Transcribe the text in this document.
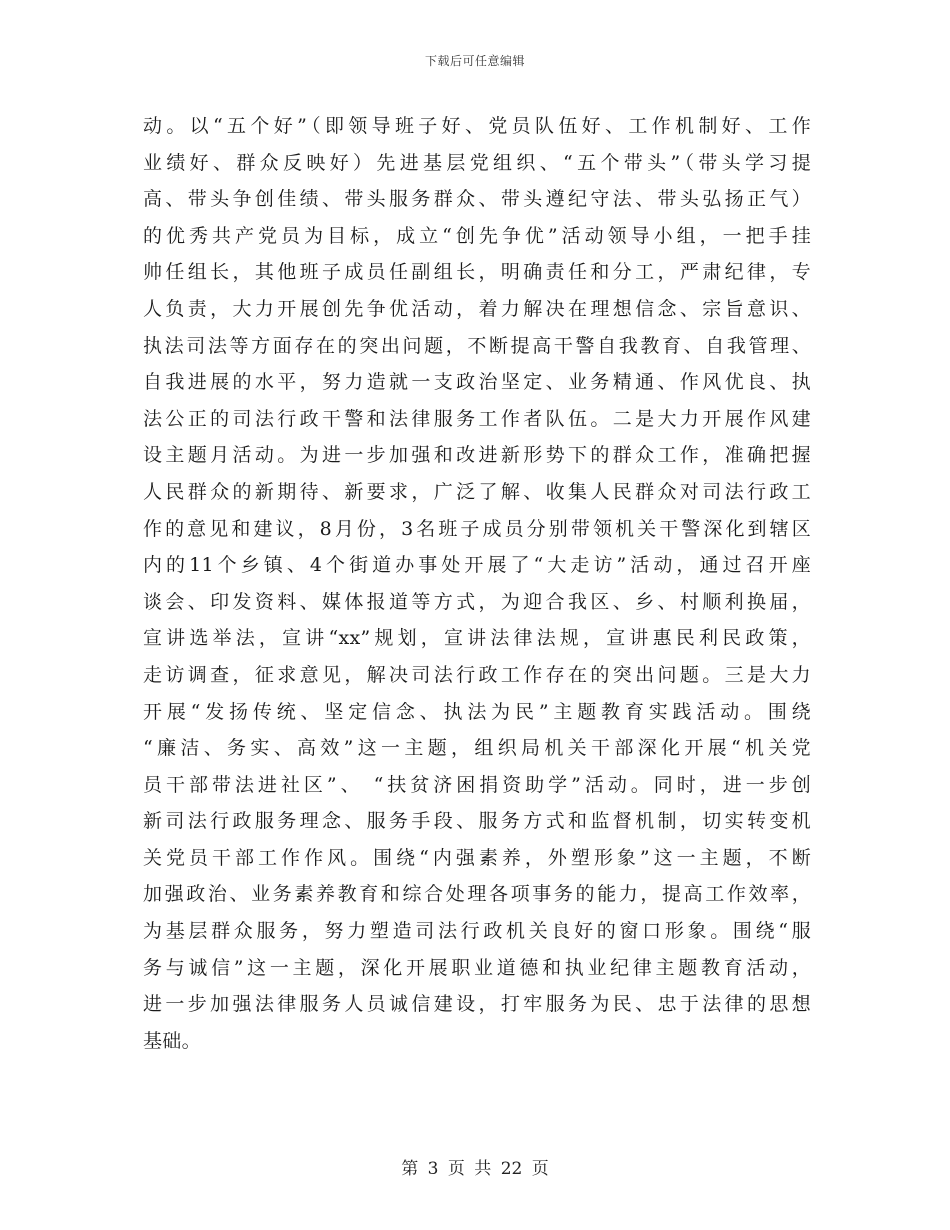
下载后可任意编辑
动。以“五个好”（即领导班子好、党员队伍好、工作机制好、工作
业绩好、群众反映好）先进基层党组织、“五个带头”（带头学习提
高、带头争创佳绩、带头服务群众、带头遵纪守法、带头弘扬正气）
的优秀共产党员为目标，成立“创先争优”活动领导小组，一把手挂
帅任组长，其他班子成员任副组长，明确责任和分工，严肃纪律，专
人负责，大力开展创先争优活动，着力解决在理想信念、宗旨意识、
执法司法等方面存在的突出问题，不断提高干警自我教育、自我管理、
自我进展的水平，努力造就一支政治坚定、业务精通、作风优良、执
法公正的司法行政干警和法律服务工作者队伍。二是大力开展作风建
设主题月活动。为进一步加强和改进新形势下的群众工作，准确把握
人民群众的新期待、新要求，广泛了解、收集人民群众对司法行政工
作的意见和建议，8月份，3名班子成员分别带领机关干警深化到辖区
内的11个乡镇、4个街道办事处开展了“大走访”活动，通过召开座
谈会、印发资料、媒体报道等方式，为迎合我区、乡、村顺利换届，
宣讲选举法，宣讲“xx”规划，宣讲法律法规，宣讲惠民利民政策，
走访调查，征求意见，解决司法行政工作存在的突出问题。三是大力
开展“发扬传统、坚定信念、执法为民”主题教育实践活动。围绕
“廉洁、务实、高效”这一主题，组织局机关干部深化开展“机关党
员干部带法进社区”、 “扶贫济困捐资助学”活动。同时，进一步创
新司法行政服务理念、服务手段、服务方式和监督机制，切实转变机
关党员干部工作作风。围绕“内强素养，外塑形象”这一主题，不断
加强政治、业务素养教育和综合处理各项事务的能力，提高工作效率，
为基层群众服务，努力塑造司法行政机关良好的窗口形象。围绕“服
务与诚信”这一主题，深化开展职业道德和执业纪律主题教育活动，
进一步加强法律服务人员诚信建设，打牢服务为民、忠于法律的思想
基础。
第 3 页 共 22 页
